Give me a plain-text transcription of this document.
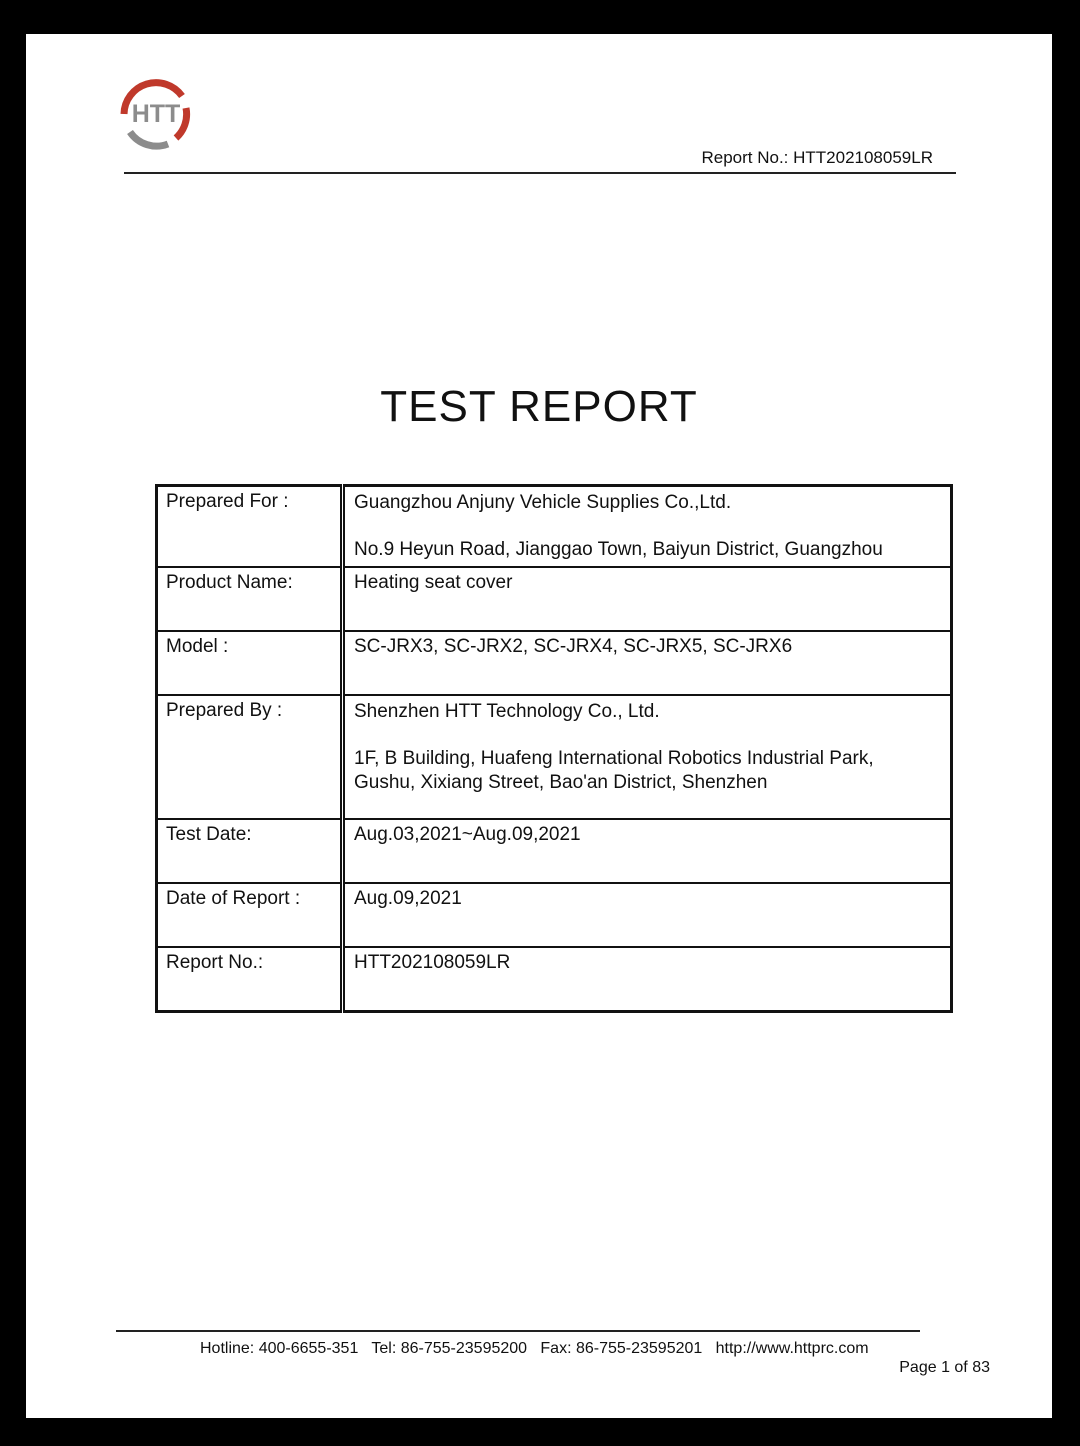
HTT
Report No.: HTT202108059LR
TEST REPORT
Prepared For :	Guangzhou Anjuny Vehicle Supplies Co.,Ltd.

No.9 Heyun Road, Jianggao Town, Baiyun District, Guangzhou

Product Name:	Heating seat cover
Model :	SC-JRX3, SC-JRX2, SC-JRX4, SC-JRX5, SC-JRX6
Prepared By :	Shenzhen HTT Technology Co., Ltd.

1F, B Building, Huafeng International Robotics Industrial Park,

Gushu, Xixiang Street, Bao'an District, Shenzhen

Test Date:	Aug.03,2021~Aug.09,2021
Date of Report :	Aug.09,2021
Report No.:	HTT202108059LR
Hotline: 400-6655-351   Tel: 86-755-23595200   Fax: 86-755-23595201   http://www.httprc.com
Page 1 of 83
